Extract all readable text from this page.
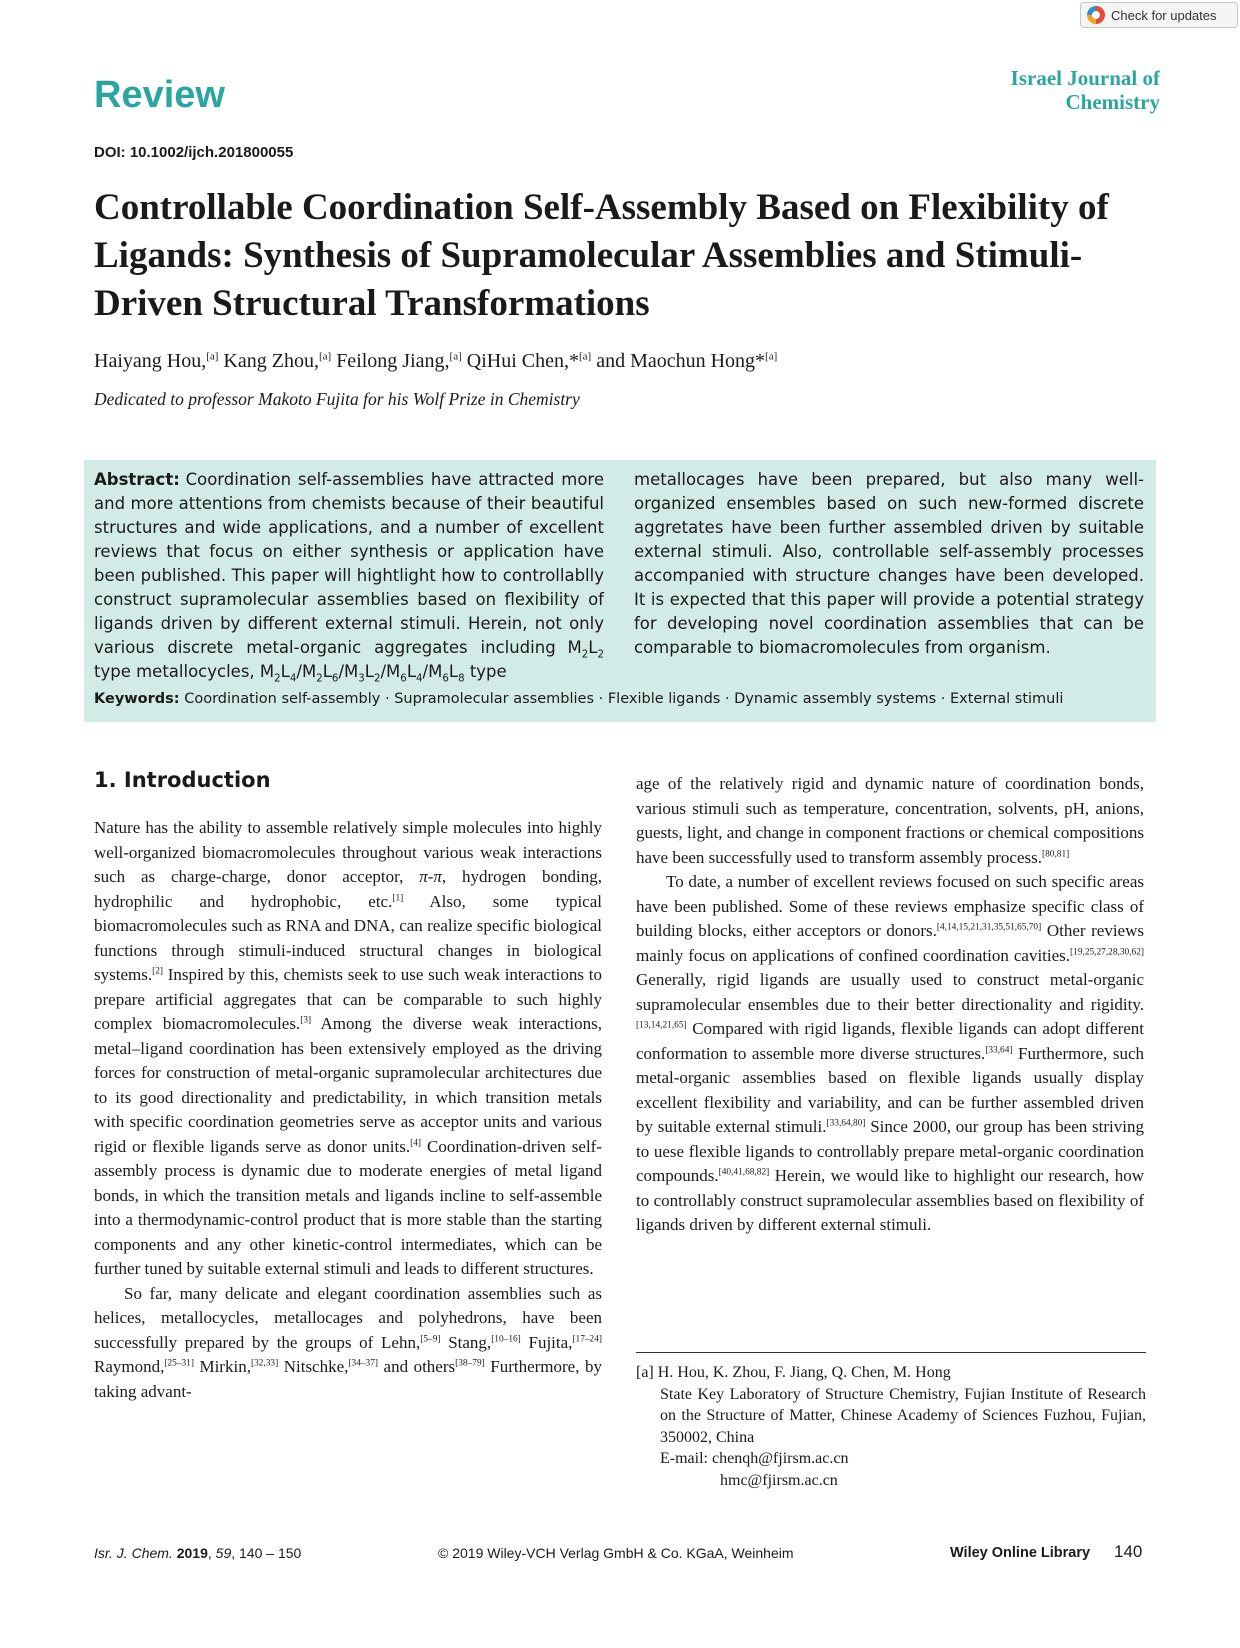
Check for updates
Review	Israel Journal of Chemistry
DOI: 10.1002/ijch.201800055
Controllable Coordination Self-Assembly Based on Flexibility of Ligands: Synthesis of Supramolecular Assemblies and Stimuli-Driven Structural Transformations
Haiyang Hou,[a] Kang Zhou,[a] Feilong Jiang,[a] QiHui Chen,*[a] and Maochun Hong*[a]
Dedicated to professor Makoto Fujita for his Wolf Prize in Chemistry
Abstract: Coordination self-assemblies have attracted more and more attentions from chemists because of their beautiful structures and wide applications, and a number of excellent reviews that focus on either synthesis or application have been published. This paper will hightlight how to controllablly construct supramolecular assemblies based on flexibility of ligands driven by different external stimuli. Herein, not only various discrete metal-organic aggregates including $M_2L_2$ type metallocycles, $M_2L_4/M_2L_6/M_3L_2/M_6L_4/M_6L_8$ type
metallocages have been prepared, but also many well-organized ensembles based on such new-formed discrete aggretates have been further assembled driven by suitable external stimuli. Also, controllable self-assembly processes accompanied with structure changes have been developed. It is expected that this paper will provide a potential strategy for developing novel coordination assemblies that can be comparable to biomacromolecules from organism.
Keywords: Coordination self-assembly · Supramolecular assemblies · Flexible ligands · Dynamic assembly systems · External stimuli
1. Introduction

Nature has the ability to assemble relatively simple molecules into highly well-organized biomacromolecules throughout various weak interactions such as charge-charge, donor acceptor, π-π, hydrogen bonding, hydrophilic and hydrophobic, etc.[1] Also, some typical biomacromolecules such as RNA and DNA, can realize specific biological functions through stimuli-induced structural changes in biological systems.[2] Inspired by this, chemists seek to use such weak interactions to prepare artificial aggregates that can be comparable to such highly complex biomacromolecules.[3] Among the diverse weak interactions, metal–ligand coordination has been extensively employed as the driving forces for construction of metal-organic supramolecular architectures due to its good directionality and predictability, in which transition metals with specific coordination geometries serve as acceptor units and various rigid or flexible ligands serve as donor units.[4] Coordination-driven self-assembly process is dynamic due to moderate energies of metal ligand bonds, in which the transition metals and ligands incline to self-assemble into a thermodynamic-control product that is more stable than the starting components and any other kinetic-control intermediates, which can be further tuned by suitable external stimuli and leads to different structures.

So far, many delicate and elegant coordination assemblies such as helices, metallocycles, metallocages and polyhedrons, have been successfully prepared by the groups of Lehn,[5–9] Stang,[10–16] Fujita,[17–24] Raymond,[25–31] Mirkin,[32,33] Nitschke,[34–37] and others[38–79] Furthermore, by taking advant-

age of the relatively rigid and dynamic nature of coordination bonds, various stimuli such as temperature, concentration, solvents, pH, anions, guests, light, and change in component fractions or chemical compositions have been successfully used to transform assembly process.[80,81]

To date, a number of excellent reviews focused on such specific areas have been published. Some of these reviews emphasize specific class of building blocks, either acceptors or donors.[4,14,15,21,31,35,51,65,70] Other reviews mainly focus on applications of confined coordination cavities.[19,25,27,28,30,62] Generally, rigid ligands are usually used to construct metal-organic supramolecular ensembles due to their better directionality and rigidity.[13,14,21,65] Compared with rigid ligands, flexible ligands can adopt different conformation to assemble more diverse structures.[33,64] Furthermore, such metal-organic assemblies based on flexible ligands usually display excellent flexibility and variability, and can be further assembled driven by suitable external stimuli.[33,64,80] Since 2000, our group has been striving to uese flexible ligands to controllably prepare metal-organic coordination compounds.[40,41,68,82] Herein, we would like to highlight our research, how to controllably construct supramolecular assemblies based on flexibility of ligands driven by different external stimuli.

[a] H. Hou, K. Zhou, F. Jiang, Q. Chen, M. Hong
State Key Laboratory of Structure Chemistry, Fujian Institute of Research on the Structure of Matter, Chinese Academy of Sciences Fuzhou, Fujian, 350002, China
E-mail: chenqh@fjirsm.ac.cn
hmc@fjirsm.ac.cn
Isr. J. Chem. 2019, 59, 140 – 150	© 2019 Wiley-VCH Verlag GmbH & Co. KGaA, Weinheim	Wiley Online Library 140
